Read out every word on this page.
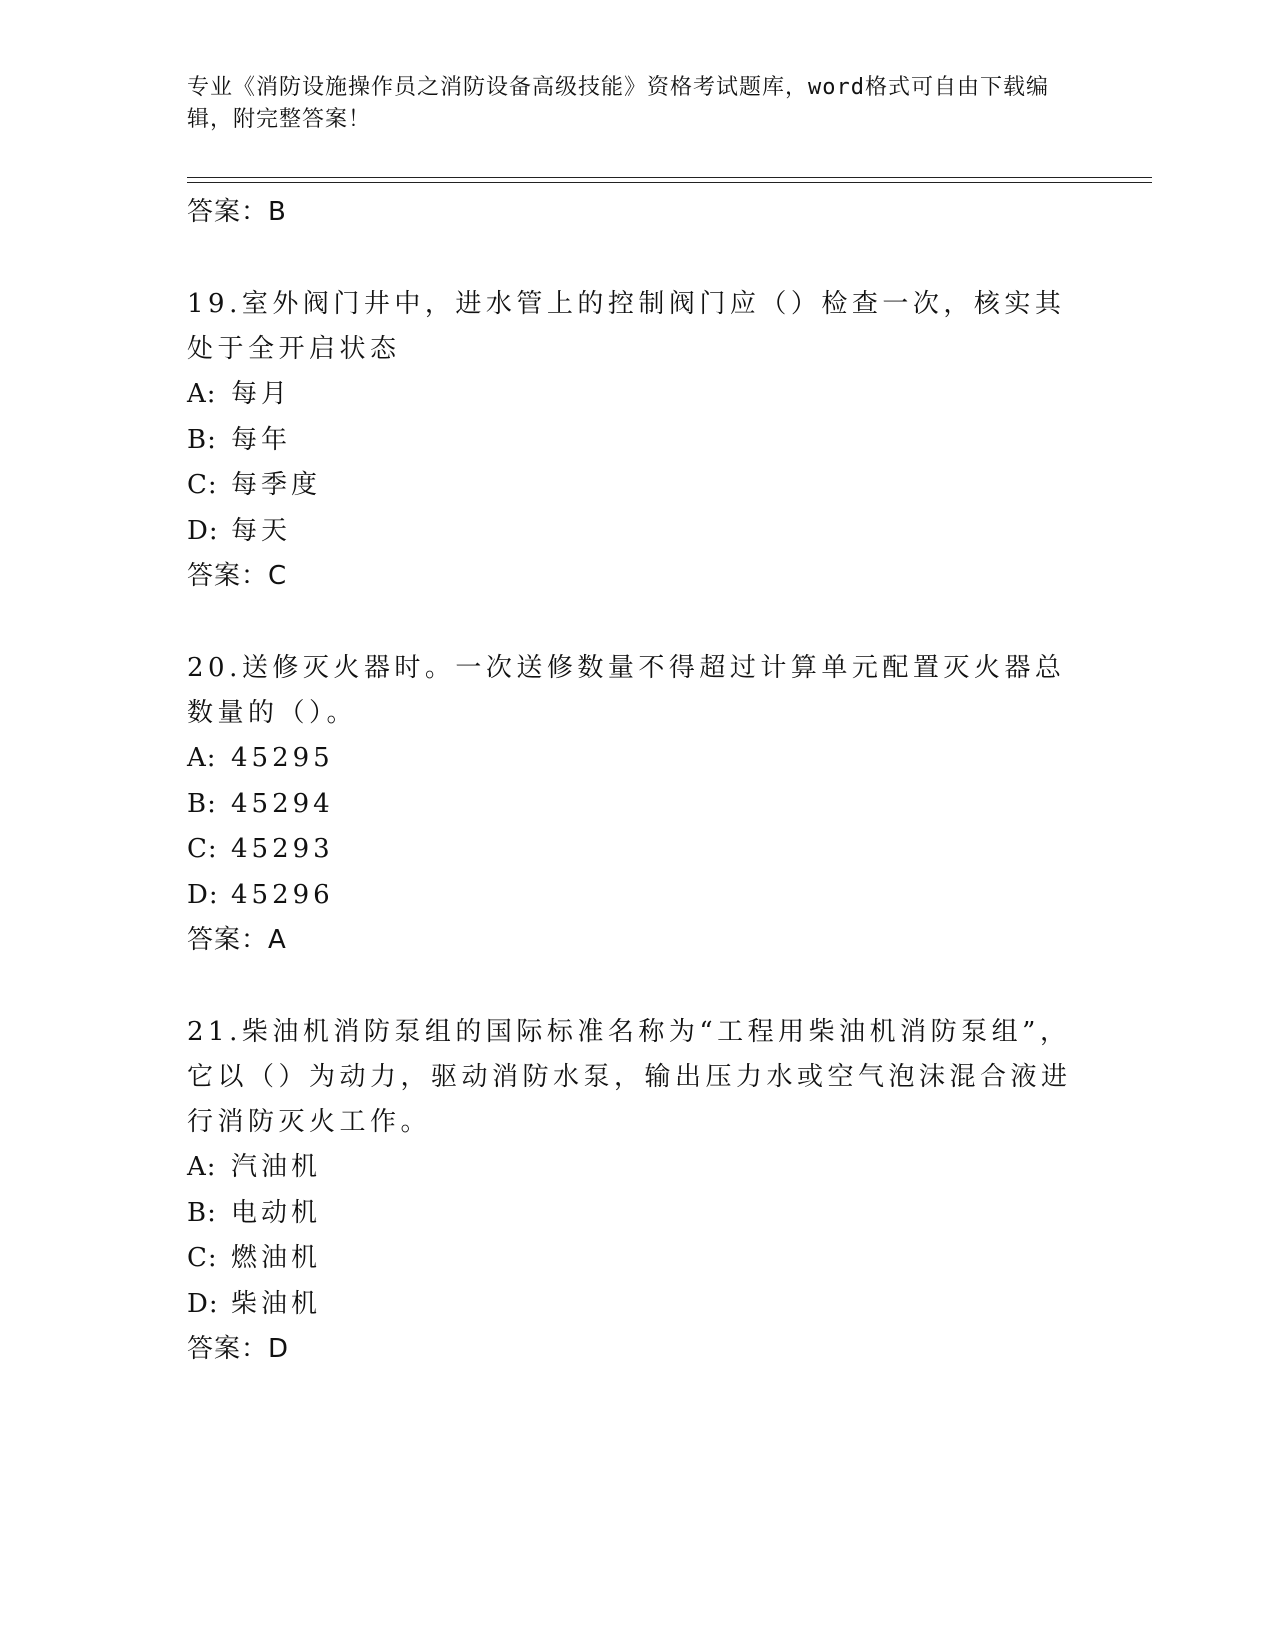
专业《消防设施操作员之消防设备高级技能》资格考试题库，word格式可自由下载编辑，附完整答案！
答案：B
19.室外阀门井中，进水管上的控制阀门应（）检查一次，核实其处于全开启状态
A: 每月
B: 每年
C: 每季度
D: 每天
答案：C
20.送修灭火器时。一次送修数量不得超过计算单元配置灭火器总数量的（）。
A: 45295
B: 45294
C: 45293
D: 45296
答案：A
21.柴油机消防泵组的国际标准名称为“工程用柴油机消防泵组”，它以（）为动力，驱动消防水泵，输出压力水或空气泡沫混合液进行消防灭火工作。
A: 汽油机
B: 电动机
C: 燃油机
D: 柴油机
答案：D
